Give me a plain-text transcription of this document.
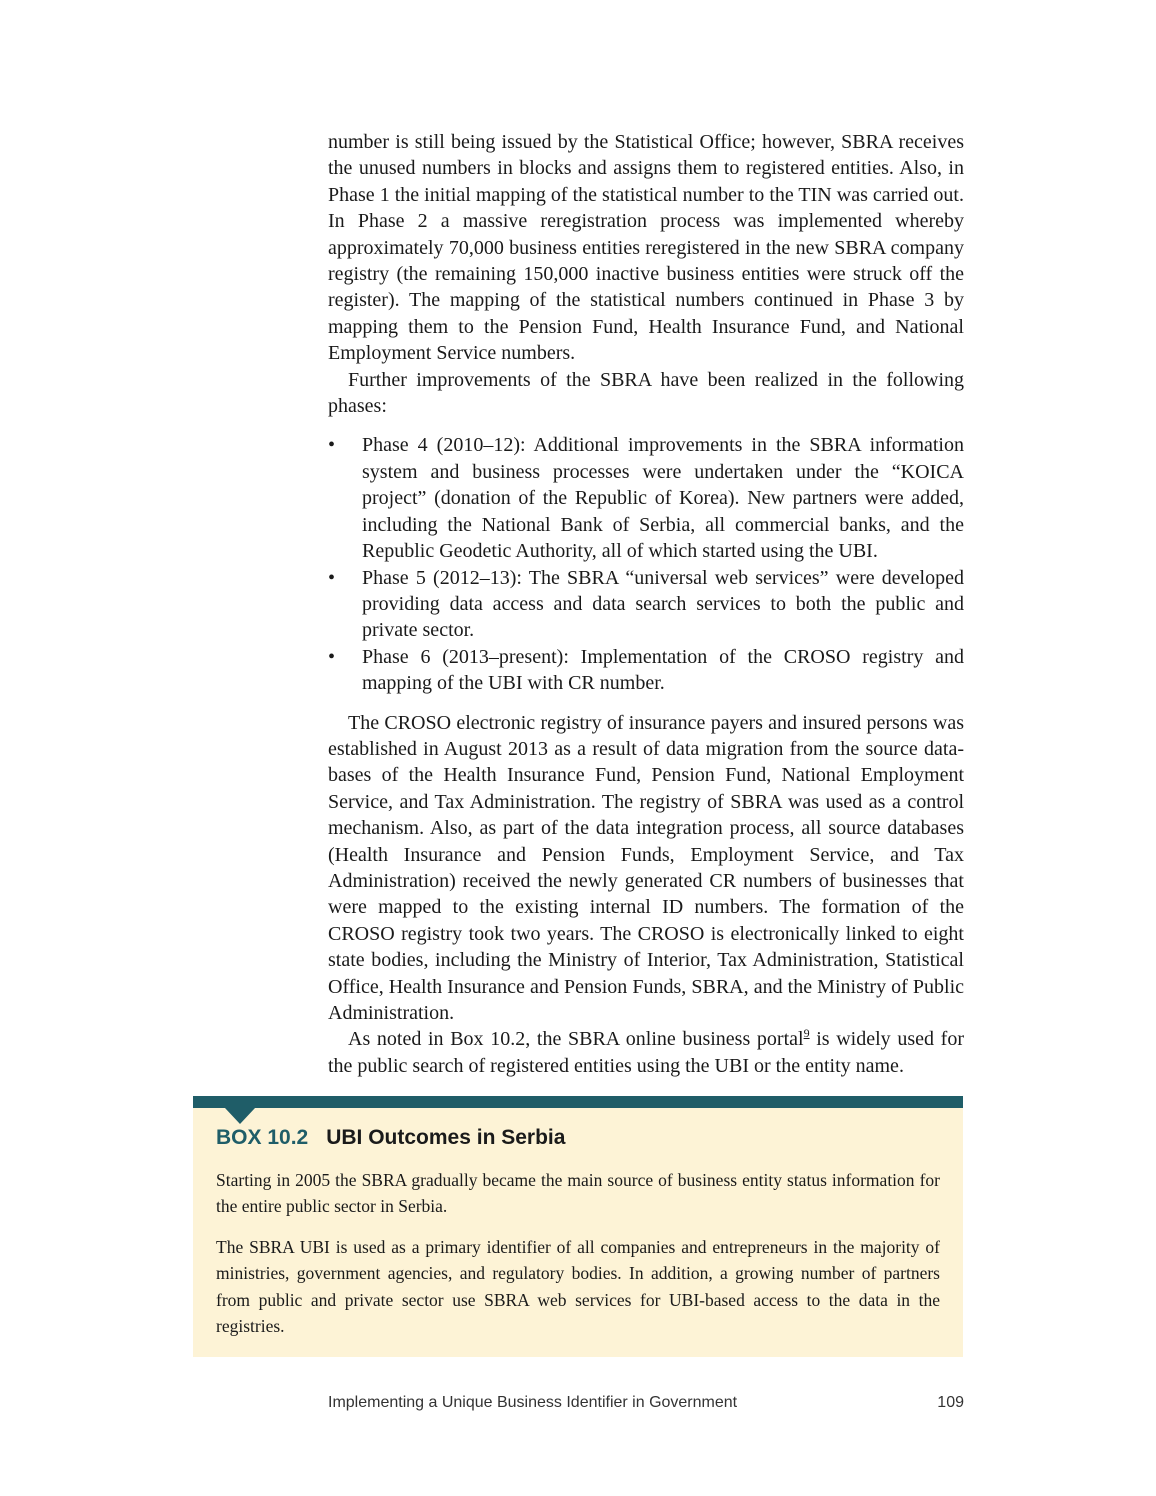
number is still being issued by the Statistical Office; however, SBRA receives the unused numbers in blocks and assigns them to registered entities. Also, in Phase 1 the initial mapping of the statistical number to the TIN was carried out. In Phase 2 a massive reregistration process was implemented whereby approximately 70,000 business entities reregistered in the new SBRA company registry (the remaining 150,000 inactive business entities were struck off the register). The mapping of the statistical numbers continued in Phase 3 by mapping them to the Pension Fund, Health Insurance Fund, and National Employment Service numbers.

Further improvements of the SBRA have been realized in the following phases:

• Phase 4 (2010–12): Additional improvements in the SBRA information system and business processes were undertaken under the “KOICA project” (donation of the Republic of Korea). New partners were added, including the National Bank of Serbia, all commercial banks, and the Republic Geodetic Authority, all of which started using the UBI.
• Phase 5 (2012–13): The SBRA “universal web services” were developed providing data access and data search services to both the public and private sector.
• Phase 6 (2013–present): Implementation of the CROSO registry and mapping of the UBI with CR number.

The CROSO electronic registry of insurance payers and insured persons was established in August 2013 as a result of data migration from the source databases of the Health Insurance Fund, Pension Fund, National Employment Service, and Tax Administration. The registry of SBRA was used as a control mechanism. Also, as part of the data integration process, all source databases (Health Insurance and Pension Funds, Employment Service, and Tax Administration) received the newly generated CR numbers of businesses that were mapped to the existing internal ID numbers. The formation of the CROSO registry took two years. The CROSO is electronically linked to eight state bodies, including the Ministry of Interior, Tax Administration, Statistical Office, Health Insurance and Pension Funds, SBRA, and the Ministry of Public Administration.

As noted in Box 10.2, the SBRA online business portal$^9$ is widely used for the public search of registered entities using the UBI or the entity name.

BOX 10.2 UBI Outcomes in Serbia

Starting in 2005 the SBRA gradually became the main source of business entity status information for the entire public sector in Serbia.

The SBRA UBI is used as a primary identifier of all companies and entrepreneurs in the majority of ministries, government agencies, and regulatory bodies. In addition, a growing number of partners from public and private sector use SBRA web services for UBI-based access to the data in the registries.

Implementing a Unique Business Identifier in Government	109
